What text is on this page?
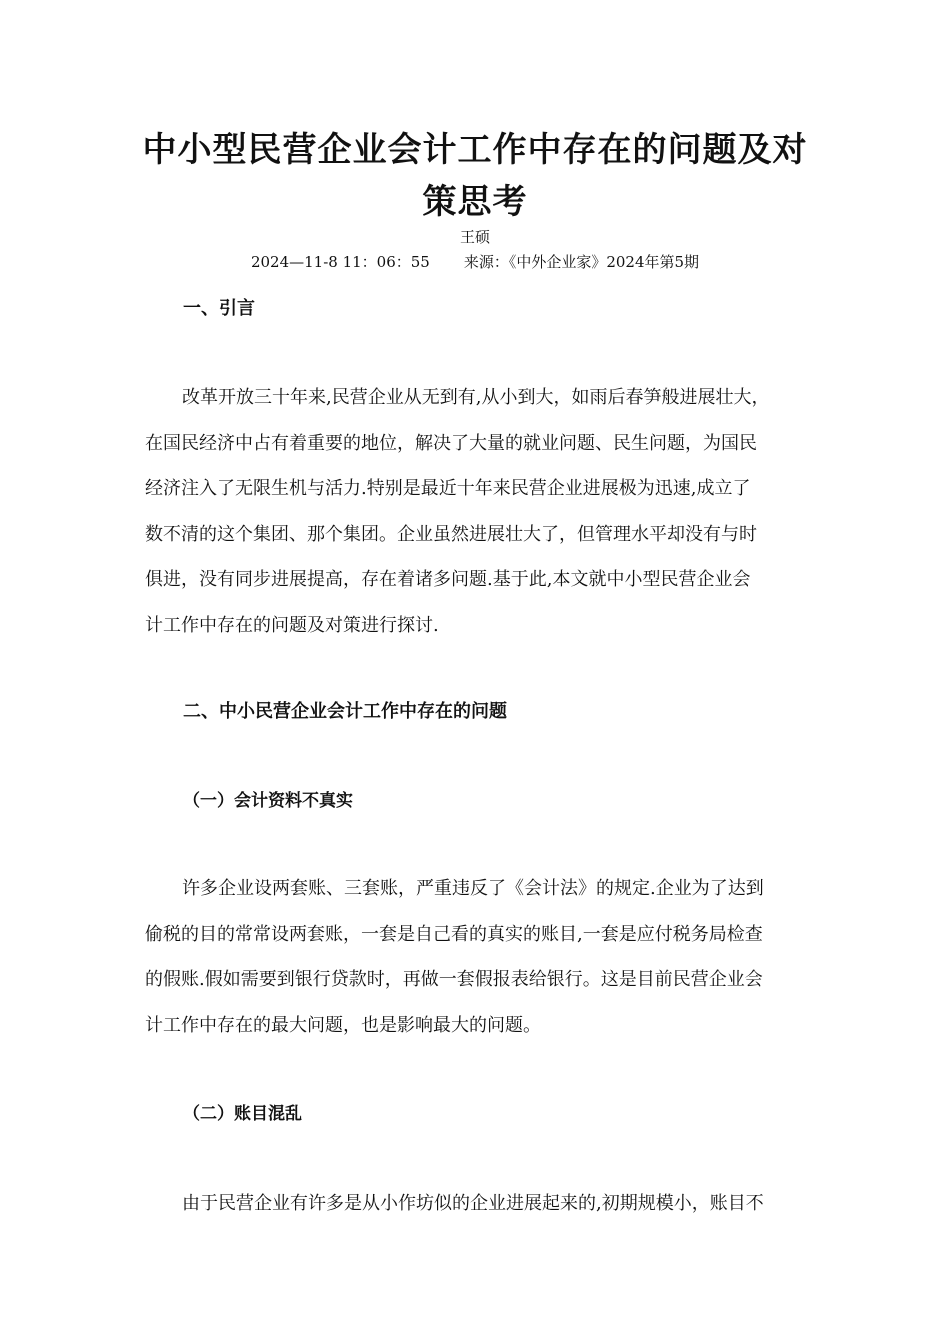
中小型民营企业会计工作中存在的问题及对
策思考
王硕
2024—11-8 11：06：55 来源：《中外企业家》2024年第5期
一、引言

改革开放三十年来,民营企业从无到有,从小到大，如雨后春笋般进展壮大，
在国民经济中占有着重要的地位，解决了大量的就业问题、民生问题，为国民
经济注入了无限生机与活力.特别是最近十年来民营企业进展极为迅速,成立了
数不清的这个集团、那个集团。企业虽然进展壮大了，但管理水平却没有与时
俱进，没有同步进展提高，存在着诸多问题.基于此,本文就中小型民营企业会
计工作中存在的问题及对策进行探讨.

二、中小民营企业会计工作中存在的问题
（一）会计资料不真实

许多企业设两套账、三套账，严重违反了《会计法》的规定.企业为了达到
偷税的目的常常设两套账，一套是自己看的真实的账目,一套是应付税务局检查
的假账.假如需要到银行贷款时，再做一套假报表给银行。这是目前民营企业会
计工作中存在的最大问题，也是影响最大的问题。

（二）账目混乱

由于民营企业有许多是从小作坊似的企业进展起来的,初期规模小，账目不
